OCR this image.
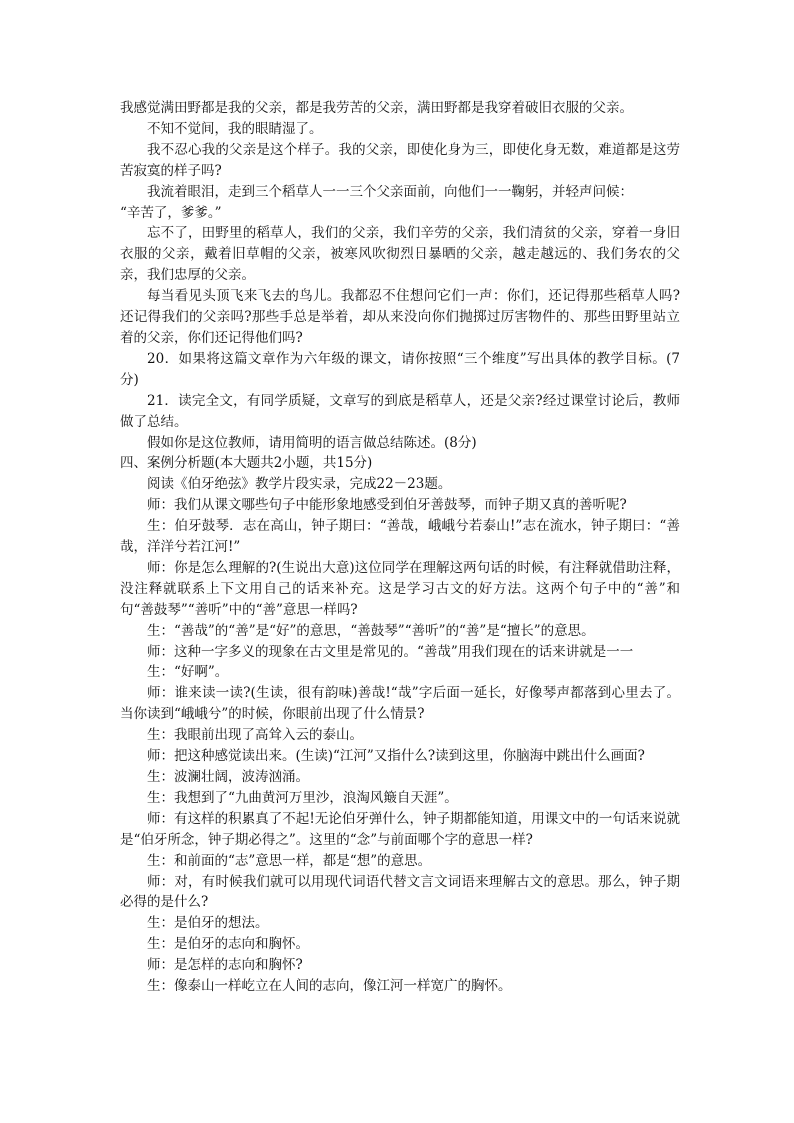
我感觉满田野都是我的父亲，都是我劳苦的父亲，满田野都是我穿着破旧衣服的父亲。

不知不觉间，我的眼睛湿了。

我不忍心我的父亲是这个样子。我的父亲，即使化身为三，即使化身无数，难道都是这劳苦寂寞的样子吗?

我流着眼泪，走到三个稻草人一一三个父亲面前，向他们一一鞠躬，并轻声问候：

“辛苦了，爹爹。”

忘不了，田野里的稻草人，我们的父亲，我们辛劳的父亲，我们清贫的父亲，穿着一身旧衣服的父亲，戴着旧草帽的父亲，被寒风吹彻烈日暴晒的父亲，越走越远的、我们务农的父亲，我们忠厚的父亲。

每当看见头顶飞来飞去的鸟儿。我都忍不住想问它们一声：你们，还记得那些稻草人吗?还记得我们的父亲吗?那些手总是举着，却从来没向你们抛掷过厉害物件的、那些田野里站立着的父亲，你们还记得他们吗?

20．如果将这篇文章作为六年级的课文，请你按照“三个维度”写出具体的教学目标。(7分)

21．读完全文，有同学质疑，文章写的到底是稻草人，还是父亲?经过课堂讨论后，教师做了总结。

假如你是这位教师，请用简明的语言做总结陈述。(8分)

四、案例分析题(本大题共2小题，共15分)

阅读《伯牙绝弦》教学片段实录，完成22－23题。

师：我们从课文哪些句子中能形象地感受到伯牙善鼓琴，而钟子期又真的善听呢?

生：伯牙鼓琴．志在高山，钟子期曰：“善哉，峨峨兮若泰山!”志在流水，钟子期曰：“善哉，洋洋兮若江河!”

师：你是怎么理解的?(生说出大意)这位同学在理解这两句话的时候，有注释就借助注释，没注释就联系上下文用自己的话来补充。这是学习古文的好方法。这两个句子中的“善”和句“善鼓琴”“善听”中的“善”意思一样吗?

生：“善哉”的“善”是“好”的意思，“善鼓琴”“善听”的“善”是“擅长”的意思。

师：这种一字多义的现象在古文里是常见的。“善哉”用我们现在的话来讲就是一一

生：“好啊”。

师：谁来读一读?(生读，很有韵味)善哉!“哉”字后面一延长，好像琴声都落到心里去了。当你读到“峨峨兮”的时候，你眼前出现了什么情景?

生：我眼前出现了高耸入云的泰山。

师：把这种感觉读出来。(生读)“江河”又指什么?读到这里，你脑海中跳出什么画面?

生：波澜壮阔，波涛汹涌。

生：我想到了“九曲黄河万里沙，浪淘风簸自天涯”。

师：有这样的积累真了不起!无论伯牙弹什么，钟子期都能知道，用课文中的一句话来说就是“伯牙所念，钟子期必得之”。这里的“念”与前面哪个字的意思一样?

生：和前面的“志”意思一样，都是“想”的意思。

师：对，有时候我们就可以用现代词语代替文言文词语来理解古文的意思。那么，钟子期必得的是什么?

生：是伯牙的想法。

生：是伯牙的志向和胸怀。

师：是怎样的志向和胸怀?

生：像泰山一样屹立在人间的志向，像江河一样宽广的胸怀。
